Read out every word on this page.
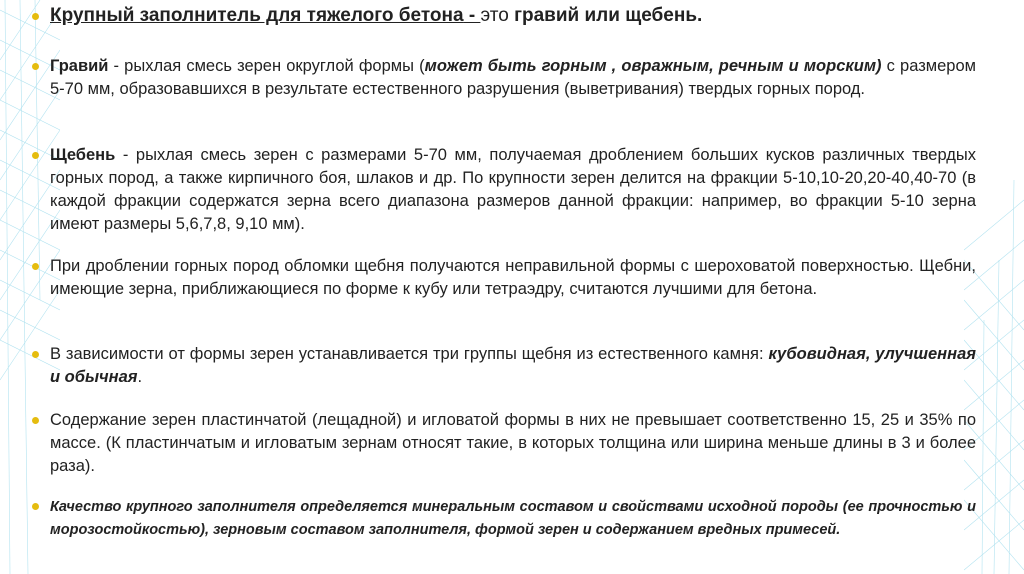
Крупный заполнитель для тяжелого бетона - это гравий или щебень.
Гравий - рыхлая смесь зерен округлой формы (может быть горным , овражным, речным и морским) с размером 5-70 мм, образовавшихся в результате естественного разрушения (выветривания) твердых горных пород.
Щебень - рыхлая смесь зерен с размерами 5-70 мм, получаемая дроблением больших кусков различных твердых горных пород, а также кирпичного боя, шлаков и др. По крупности зерен делится на фракции 5-10,10-20,20-40,40-70 (в каждой фракции содержатся зерна всего диапазона размеров данной фракции: например, во фракции 5-10 зерна имеют размеры 5,6,7,8, 9,10 мм).
При дроблении горных пород обломки щебня получаются неправильной формы с шероховатой поверхностью. Щебни, имеющие зерна, приближающиеся по форме к кубу или тетраэдру, считаются лучшими для бетона.
В зависимости от формы зерен устанавливается три группы щебня из естественного камня: кубовидная, улучшенная и обычная.
Содержание зерен пластинчатой (лещадной) и игловатой формы в них не превышает соответственно 15, 25 и 35% по массе. (К пластинчатым и игловатым зернам относят такие, в которых толщина или ширина меньше длины в 3 и более раза).
Качество крупного заполнителя определяется минеральным составом и свойствами исходной породы (ее прочностью и морозостойкостью), зерновым составом заполнителя, формой зерен и содержанием вредных примесей.
